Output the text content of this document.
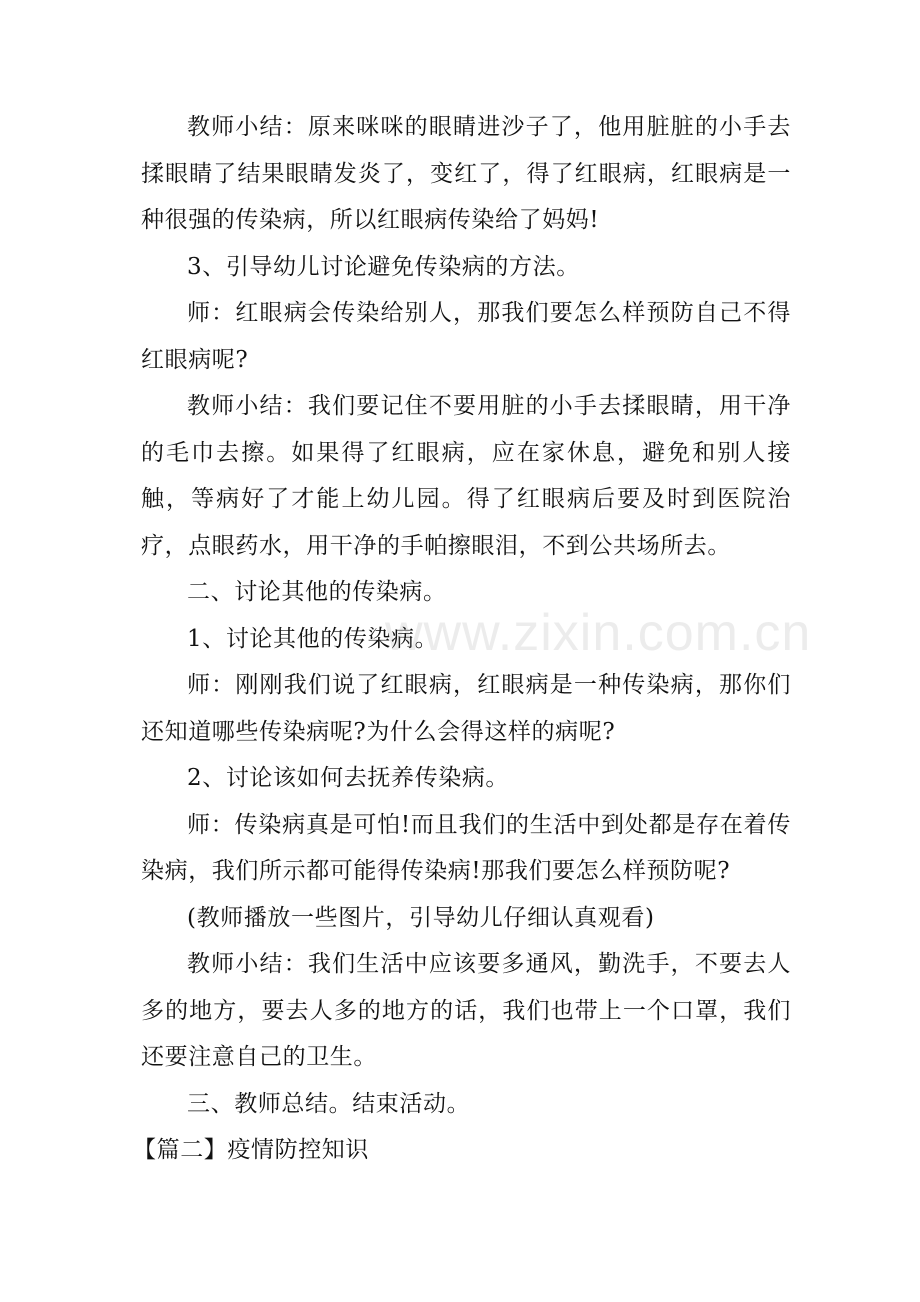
教师小结：原来咪咪的眼睛进沙子了，他用脏脏的小手去揉眼睛了结果眼睛发炎了，变红了，得了红眼病，红眼病是一种很强的传染病，所以红眼病传染给了妈妈!

3、引导幼儿讨论避免传染病的方法。

师：红眼病会传染给别人，那我们要怎么样预防自己不得红眼病呢?

教师小结：我们要记住不要用脏的小手去揉眼睛，用干净的毛巾去擦。如果得了红眼病，应在家休息，避免和别人接触，等病好了才能上幼儿园。得了红眼病后要及时到医院治疗，点眼药水，用干净的手帕擦眼泪，不到公共场所去。

二、讨论其他的传染病。

1、讨论其他的传染病。

师：刚刚我们说了红眼病，红眼病是一种传染病，那你们还知道哪些传染病呢?为什么会得这样的病呢?

2、讨论该如何去抚养传染病。

师：传染病真是可怕!而且我们的生活中到处都是存在着传染病，我们所示都可能得传染病!那我们要怎么样预防呢?

(教师播放一些图片，引导幼儿仔细认真观看)

教师小结：我们生活中应该要多通风，勤洗手，不要去人多的地方，要去人多的地方的话，我们也带上一个口罩，我们还要注意自己的卫生。

三、教师总结。结束活动。

【篇二】疫情防控知识

www.zixin.com.cn
